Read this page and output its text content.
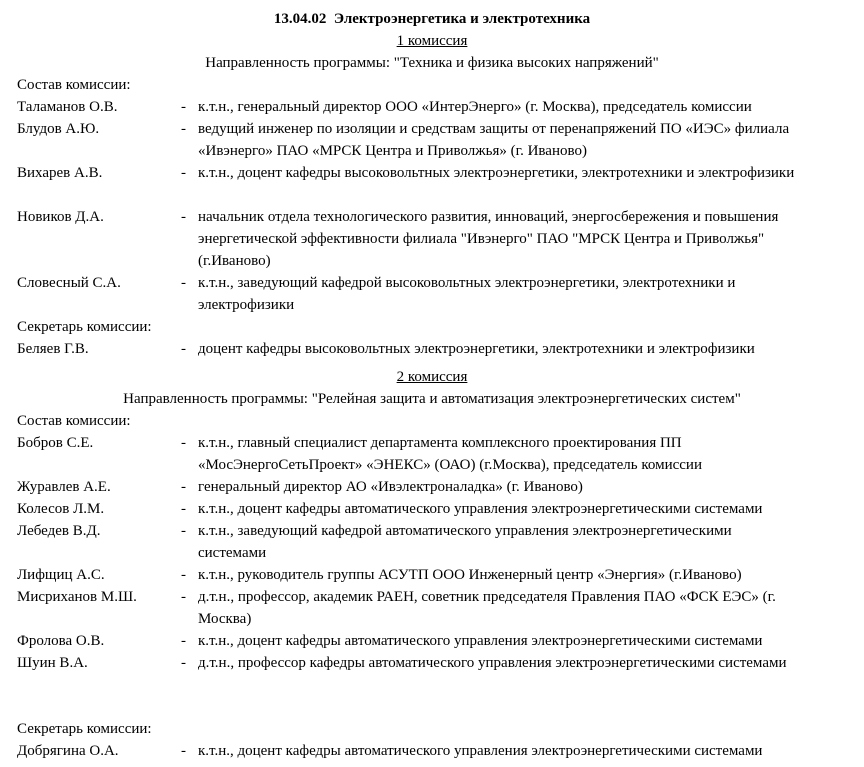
13.04.02  Электроэнергетика и электротехника
1 комиссия
Направленность программы: "Техника и физика высоких напряжений"
Состав комиссии:
Таламанов О.В.	- к.т.н., генеральный директор ООО «ИнтерЭнерго» (г. Москва), председатель комиссии
Блудов А.Ю.	- ведущий инженер по изоляции и средствам защиты от перенапряжений ПО «ИЭС» филиала
«Ивэнерго» ПАО «МРСК Центра и Приволжья» (г. Иваново)
Вихарев А.В.	- к.т.н., доцент кафедры высоковольтных электроэнергетики, электротехники и электрофизики
Новиков Д.А.	- начальник отдела технологического развития, инноваций, энергосбережения и повышения
энергетической эффективности филиала "Ивэнерго" ПАО "МРСК Центра и Приволжья"
(г.Иваново)
Словесный С.А.	- к.т.н., заведующий кафедрой высоковольтных электроэнергетики, электротехники и
электрофизики
Секретарь комиссии:
Беляев Г.В.	- доцент кафедры высоковольтных электроэнергетики, электротехники и электрофизики
2 комиссия
Направленность программы: "Релейная защита и автоматизация электроэнергетических систем"
Состав комиссии:
Бобров С.Е.	- к.т.н., главный специалист департамента комплексного проектирования ПП
«МосЭнергоСетьПроект» «ЭНЕКС» (ОАО) (г.Москва), председатель комиссии
Журавлев А.Е.	- генеральный директор АО «Ивэлектроналадка» (г. Иваново)
Колесов Л.М.	- к.т.н., доцент кафедры автоматического управления электроэнергетическими системами
Лебедев В.Д.	- к.т.н., заведующий кафедрой автоматического управления электроэнергетическими
системами
Лифщиц А.С.	- к.т.н., руководитель группы АСУТП ООО Инженерный центр «Энергия» (г.Иваново)
Мисриханов М.Ш.	- д.т.н., профессор, академик РАЕН, советник председателя Правления ПАО «ФСК ЕЭС» (г.
Москва)
Фролова О.В.	- к.т.н., доцент кафедры автоматического управления электроэнергетическими системами
Шуин В.А.	- д.т.н., профессор кафедры автоматического управления электроэнергетическими системами
Секретарь комиссии:
Добрягина О.А.	- к.т.н., доцент кафедры автоматического управления электроэнергетическими системами
